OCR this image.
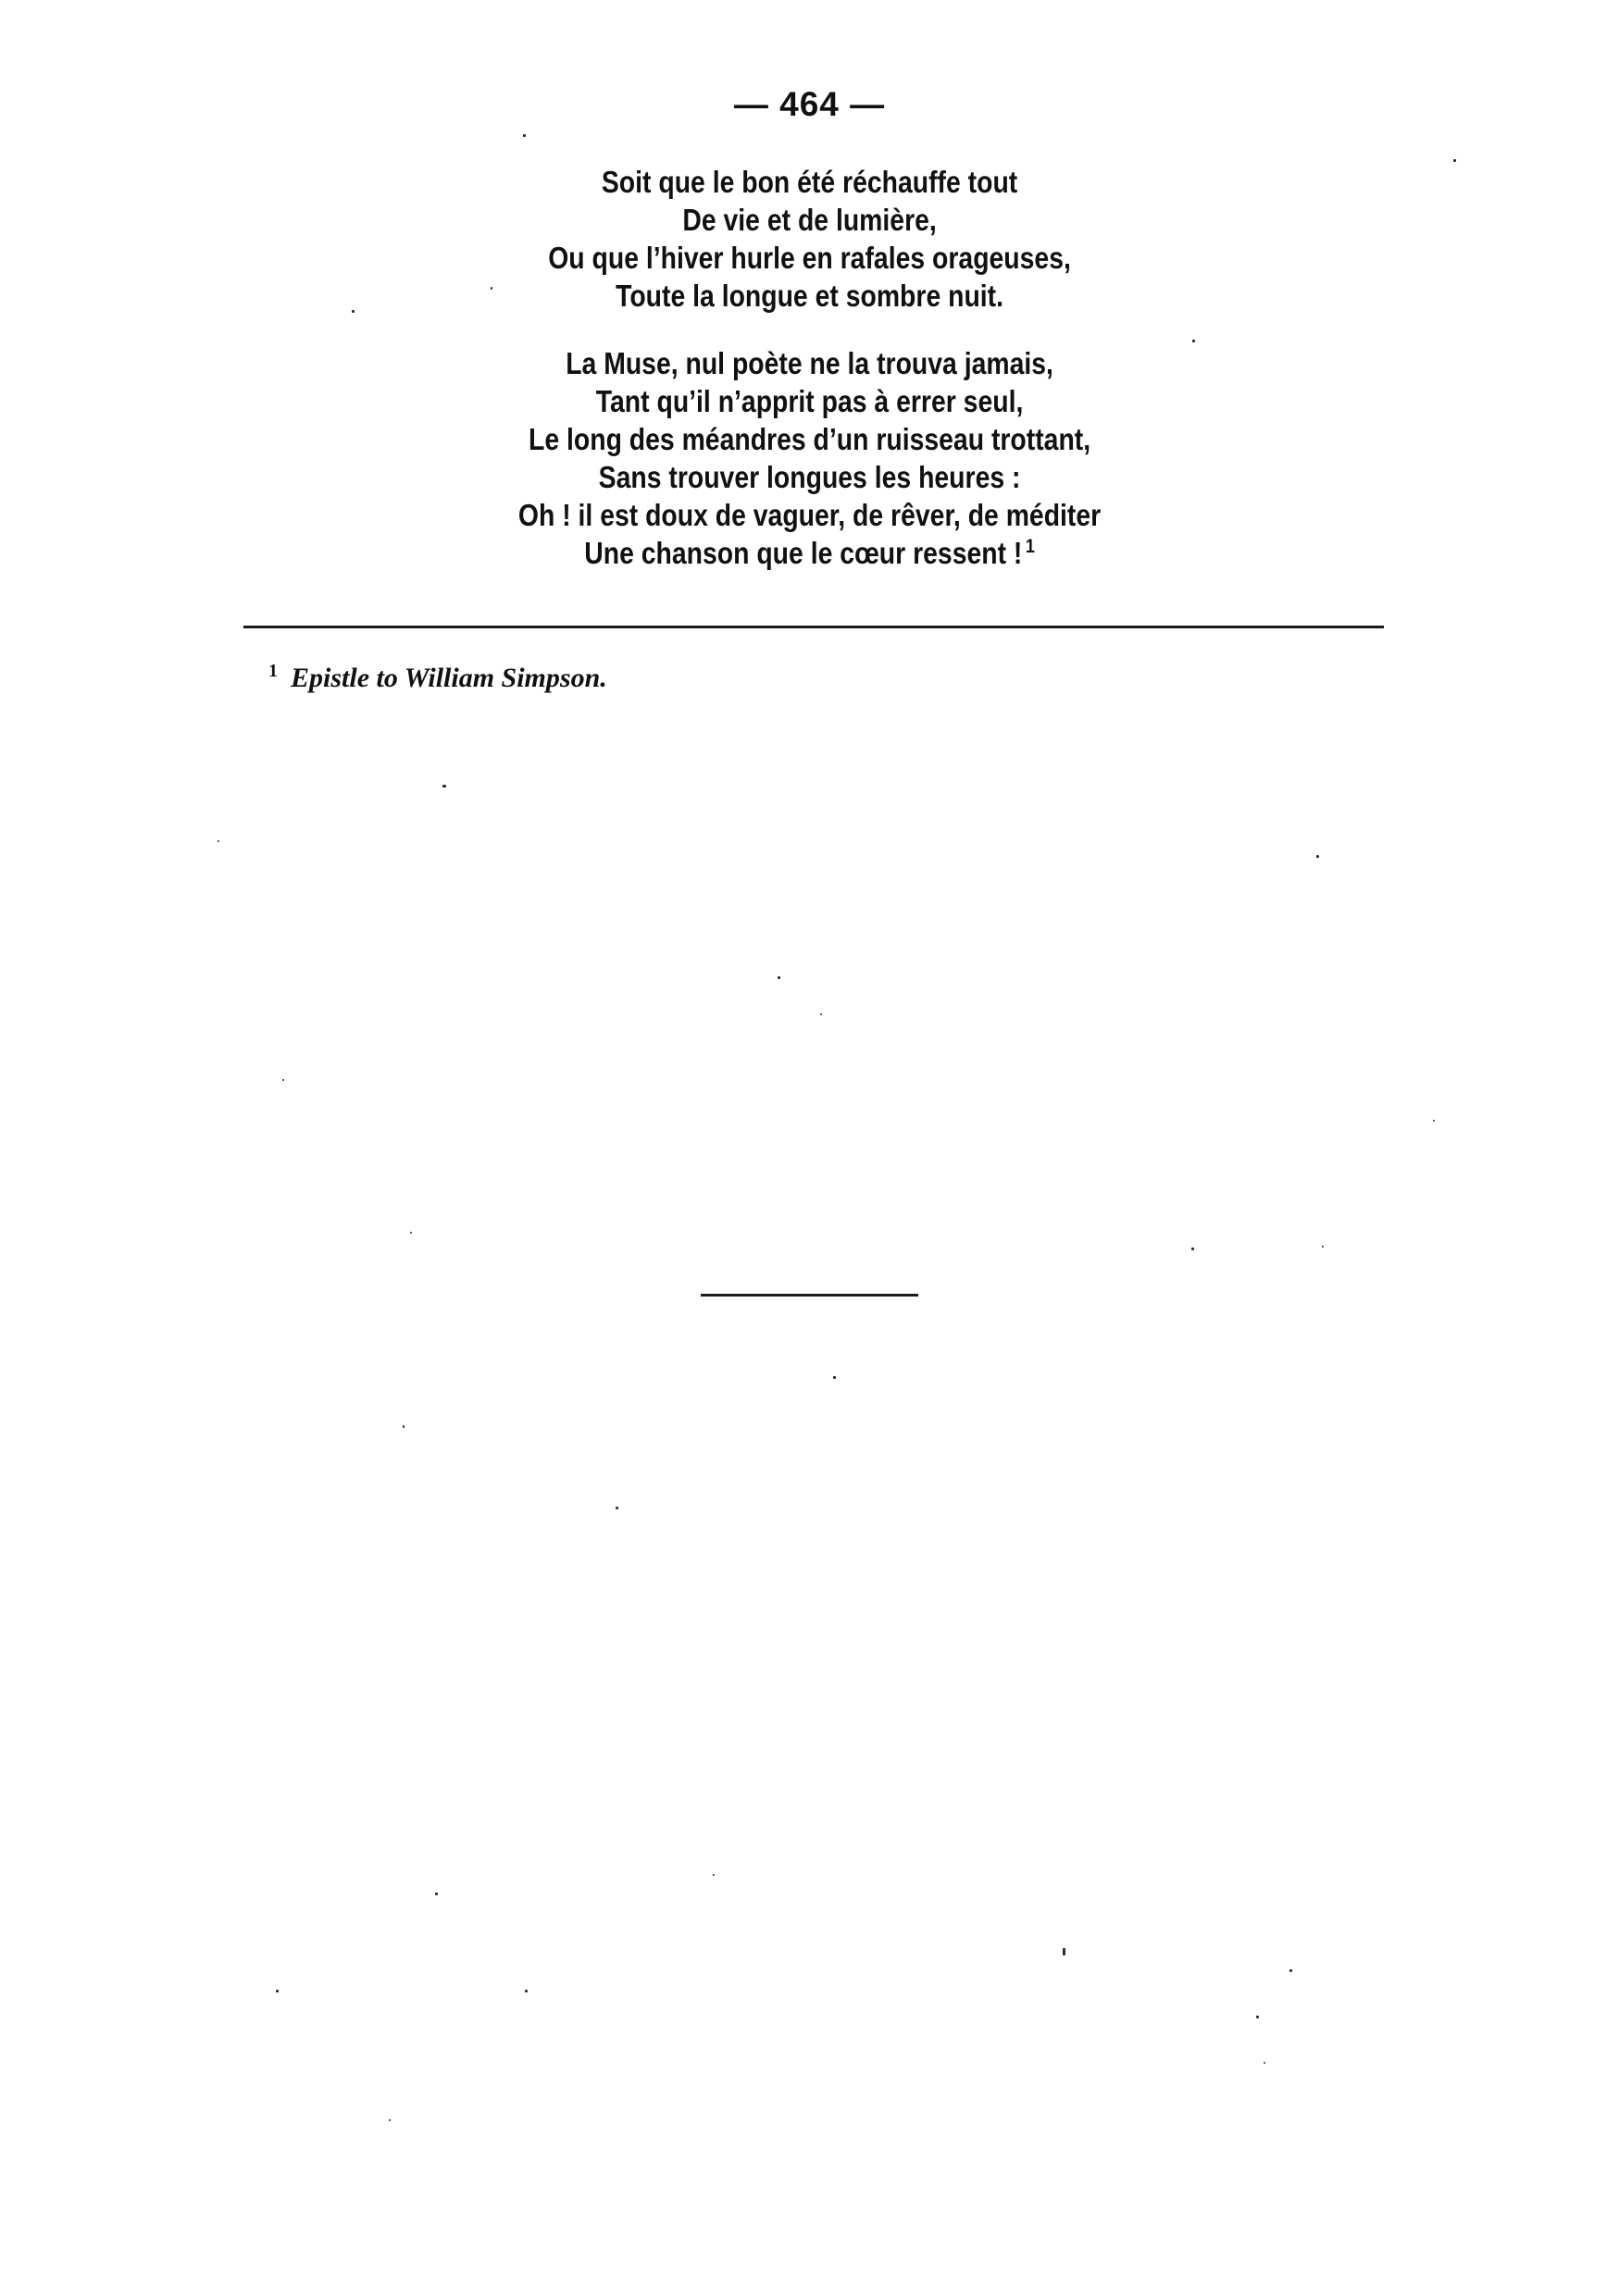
— 464 —
Soit que le bon été réchauffe tout
De vie et de lumière,
Ou que l’hiver hurle en rafales orageuses,
Toute la longue et sombre nuit.
La Muse, nul poète ne la trouva jamais,
Tant qu’il n’apprit pas à errer seul,
Le long des méandres d’un ruisseau trottant,
Sans trouver longues les heures :
Oh ! il est doux de vaguer, de rêver, de méditer
Une chanson que le cœur ressent ! $^1$
$^1$ Epistle to William Simpson.
